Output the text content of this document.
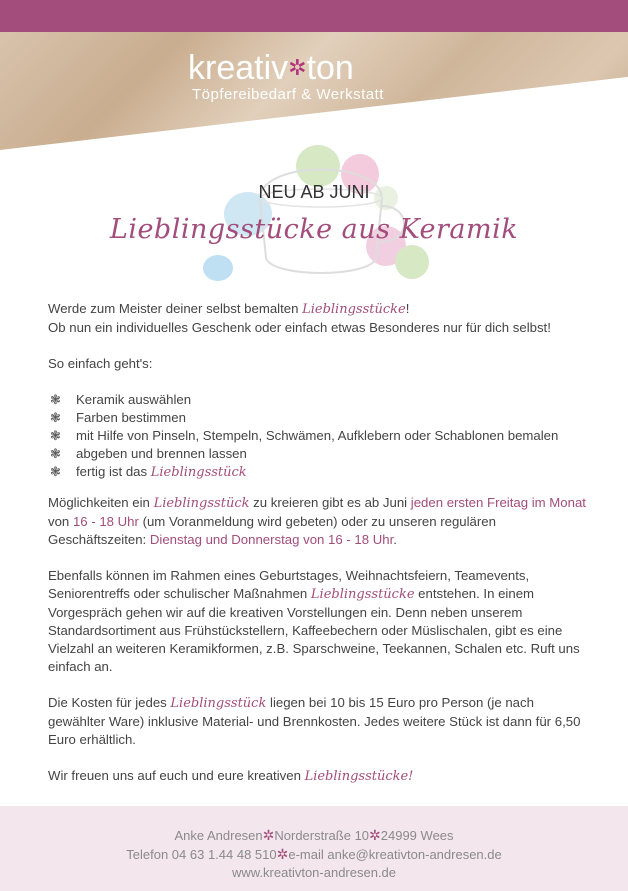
kreativ✲ton
Töpfereibedarf & Werkstatt
NEU AB JUNI
Lieblingsstücke aus Keramik

Werde zum Meister deiner selbst bemalten Lieblingsstücke!
Ob nun ein individuelles Geschenk oder einfach etwas Besonderes nur für dich selbst!

So einfach geht's:

❃ Keramik auswählen
❃ Farben bestimmen
❃ mit Hilfe von Pinseln, Stempeln, Schwämen, Aufklebern oder Schablonen bemalen
❃ abgeben und brennen lassen
❃ fertig ist das Lieblingsstück

Möglichkeiten ein Lieblingsstück zu kreieren gibt es ab Juni jeden ersten Freitag im Monat von 16 - 18 Uhr (um Voranmeldung wird gebeten) oder zu unseren regulären Geschäftszeiten: Dienstag und Donnerstag von 16 - 18 Uhr.

Ebenfalls können im Rahmen eines Geburtstages, Weihnachtsfeiern, Teamevents, Seniorentreffs oder schulischer Maßnahmen Lieblingsstücke entstehen. In einem Vorgespräch gehen wir auf die kreativen Vorstellungen ein. Denn neben unserem Standardsortiment aus Frühstückstellern, Kaffeebechern oder Müslischalen, gibt es eine Vielzahl an weiteren Keramikformen, z.B. Sparschweine, Teekannen, Schalen etc. Ruft uns einfach an.

Die Kosten für jedes Lieblingsstück liegen bei 10 bis 15 Euro pro Person (je nach gewählter Ware) inklusive Material- und Brennkosten. Jedes weitere Stück ist dann für 6,50 Euro erhältlich.

Wir freuen uns auf euch und eure kreativen Lieblingsstücke!

Anke Andresen✲Norderstraße 10✲24999 Wees
Telefon 04 63 1.44 48 510✲e-mail anke@kreativton-andresen.de
www.kreativton-andresen.de
